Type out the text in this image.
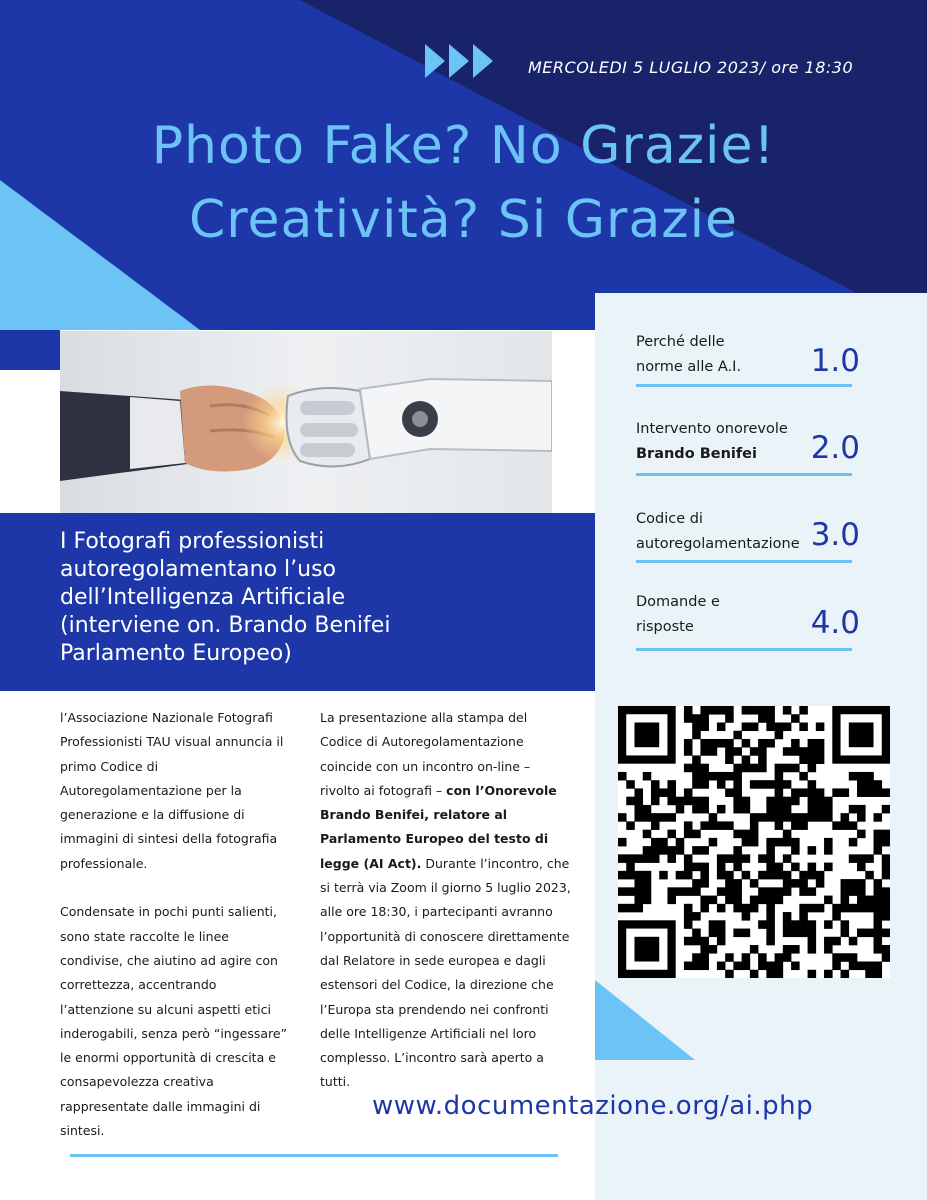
MERCOLEDI 5 LUGLIO 2023/ ore 18:30
Photo Fake? No Grazie!
Creatività? Si Grazie
I Fotografi professionisti
autoregolamentano l’uso
dell’Intelligenza Artificiale
(interviene on. Brando Benifei
Parlamento Europeo)

l’Associazione Nazionale Fotografi Professionisti TAU visual annuncia il primo Codice di Autoregolamentazione per la generazione e la diffusione di immagini di sintesi della fotografia professionale.

Condensate in pochi punti salienti, sono state raccolte le linee condivise, che aiutino ad agire con correttezza, accentrando l’attenzione su alcuni aspetti etici inderogabili, senza però “ingessare” le enormi opportunità di crescita e consapevolezza creativa rappresentate dalle immagini di sintesi.

La presentazione alla stampa del Codice di Autoregolamentazione coincide con un incontro on-line – rivolto ai fotografi – con l’Onorevole Brando Benifei, relatore al Parlamento Europeo del testo di legge (AI Act). Durante l’incontro, che si terrà via Zoom il giorno 5 luglio 2023, alle ore 18:30, i partecipanti avranno l’opportunità di conoscere direttamente dal Relatore in sede europea e dagli estensori del Codice, la direzione che l’Europa sta prendendo nei confronti delle Intelligenze Artificiali nel loro complesso. L’incontro sarà aperto a tutti.

Perché delle
norme alle A.I. 1.0
Intervento onorevole
Brando Benifei	2.0
Codice di
autoregolamentazione 3.0
Domande e
risposte	4.0
www.documentazione.org/ai.php
